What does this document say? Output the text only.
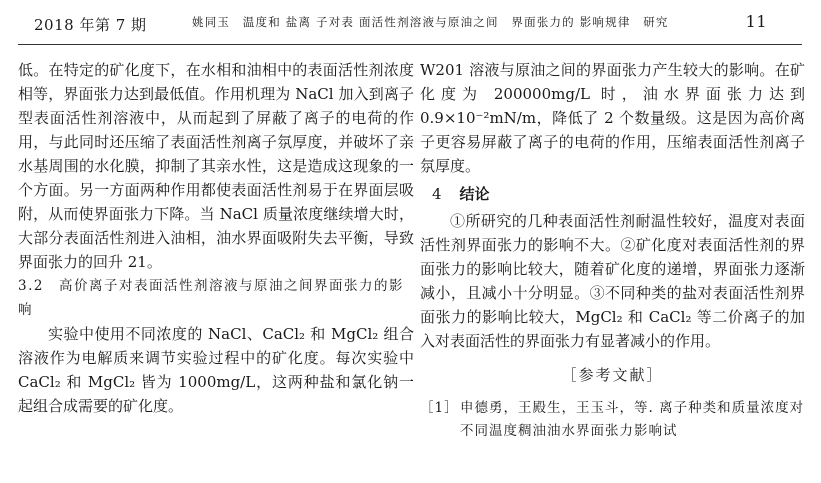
2018 年第 7 期	姚同玉　温度和 盐离 子对表 面活性剂溶液与原油之间　界面张力的 影响规律　研究	11

低。在特定的矿化度下，在水相和油相中的表面活性剂浓度相等，界面张力达到最低值。作用机理为 NaCl 加入到离子型表面活性剂溶液中，从而起到了屏蔽了离子的电荷的作用，与此同时还压缩了表面活性剂离子氛厚度，并破坏了亲水基周围的水化膜，抑制了其亲水性，这是造成这现象的一个方面。另一方面两种作用都使表面活性剂易于在界面层吸附，从而使界面张力下降。当 NaCl 质量浓度继续增大时，大部分表面活性剂进入油相，油水界面吸附失去平衡，导致界面张力的回升 21。

3.2　高价离子对表面活性剂溶液与原油之间界面张力的影响

实验中使用不同浓度的 NaCl、CaCl₂ 和 MgCl₂ 组合溶液作为电解质来调节实验过程中的矿化度。每次实验中 CaCl₂ 和 MgCl₂ 皆为 1000mg/L，这两种盐和氯化钠一起组合成需要的矿化度。

W201 溶液与原油之间的界面张力产生较大的影响。在矿化度为 200000mg/L 时，油水界面张力达到 0.9×10⁻²mN/m，降低了 2 个数量级。这是因为高价离子更容易屏蔽了离子的电荷的作用，压缩表面活性剂离子氛厚度。

4 结论

①所研究的几种表面活性剂耐温性较好，温度对表面活性剂界面张力的影响不大。②矿化度对表面活性剂的界面张力的影响比较大，随着矿化度的递增，界面张力逐渐减小，且减小十分明显。③不同种类的盐对表面活性剂界面张力的影响比较大，MgCl₂ 和 CaCl₂ 等二价离子的加入对表面活性的界面张力有显著减小的作用。

［参考文献］

［1］ 申德勇，王殿生，王玉斗，等. 离子种类和质量浓度对不同温度稠油油水界面张力影响试
